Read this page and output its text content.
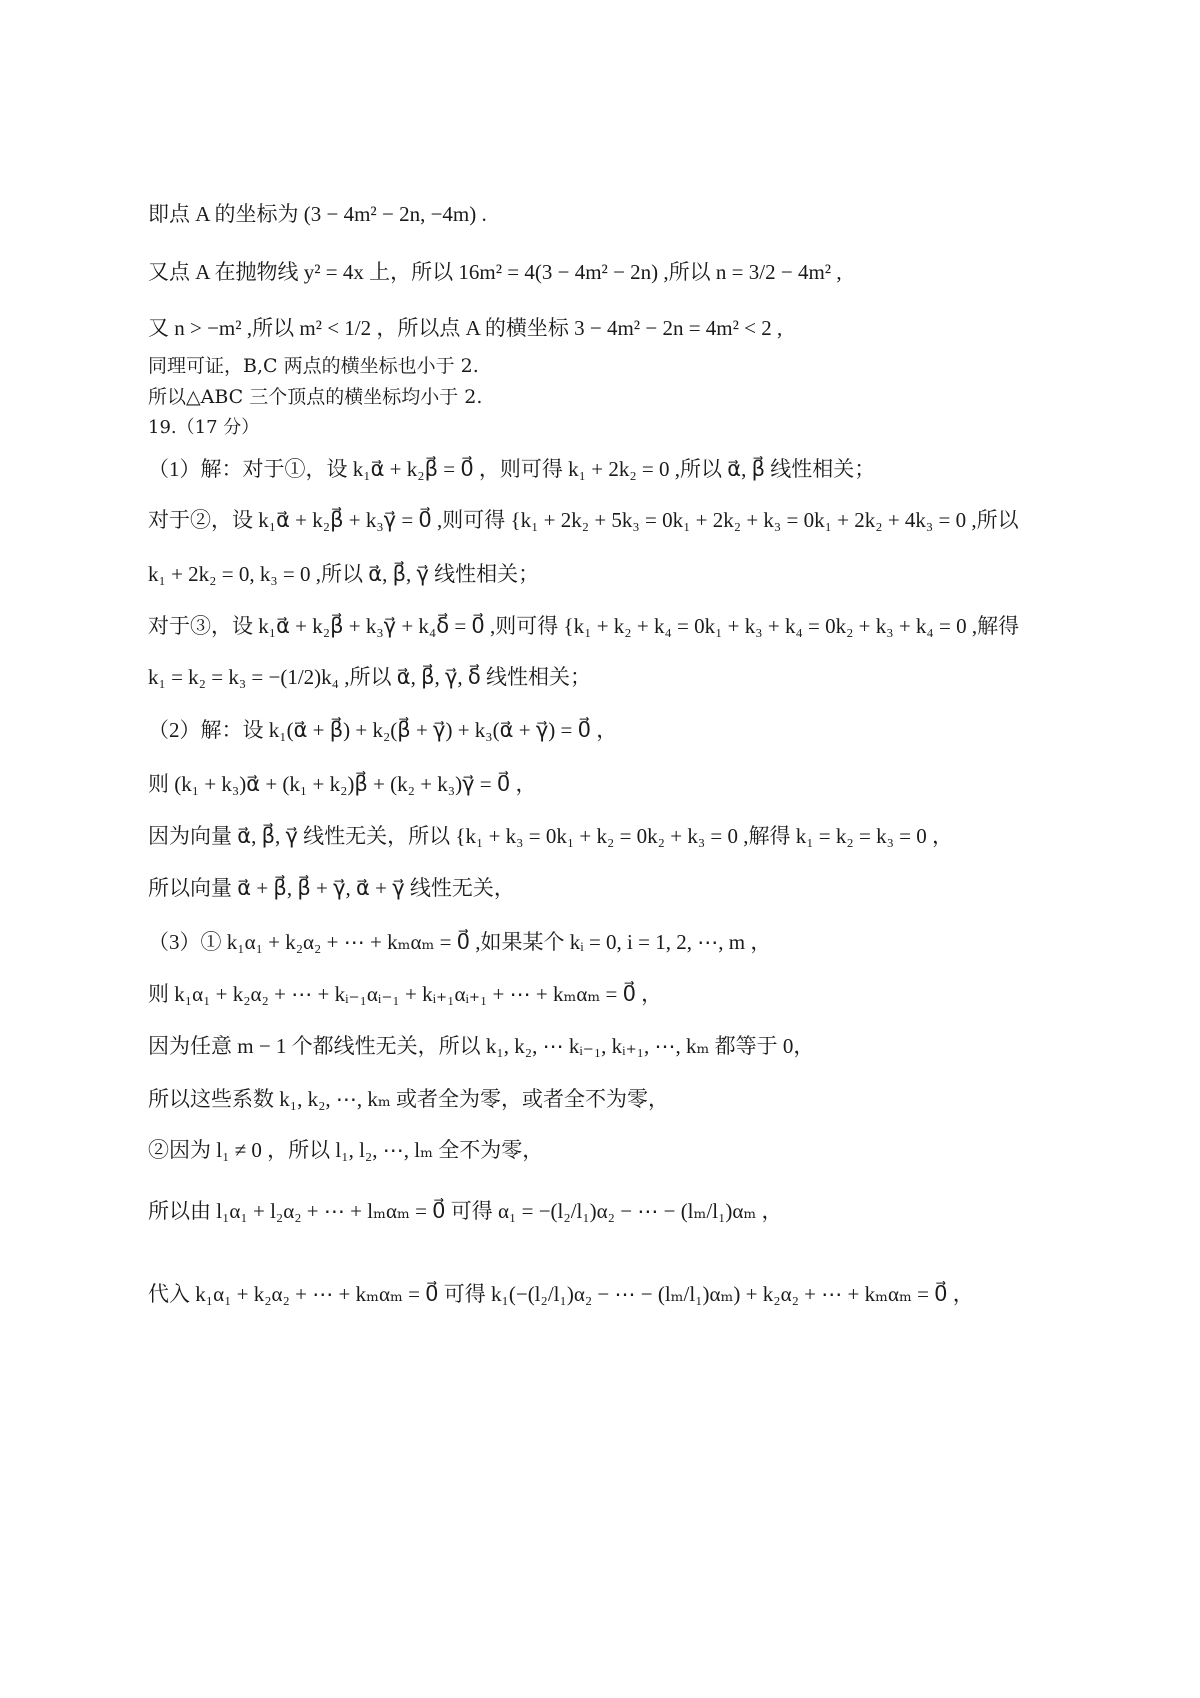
即点 A 的坐标为 (3 − 4m² − 2n, −4m) .
又点 A 在抛物线 y² = 4x 上，所以 16m² = 4(3 − 4m² − 2n) ,所以 n = 3/2 − 4m² ,
又 n > −m² ,所以 m² < 1/2 ，所以点 A 的横坐标 3 − 4m² − 2n = 4m² < 2 ,
同理可证，B,C 两点的横坐标也小于 2.
所以△ABC 三个顶点的横坐标均小于 2.
19.（17 分）
（1）解：对于①，设 k₁α⃗ + k₂β⃗ = 0⃗ ，则可得 k₁ + 2k₂ = 0 ,所以 α⃗, β⃗ 线性相关；
对于②，设 k₁α⃗ + k₂β⃗ + k₃γ⃗ = 0⃗ ,则可得 {k₁ + 2k₂ + 5k₃ = 0k₁ + 2k₂ + k₃ = 0k₁ + 2k₂ + 4k₃ = 0 ,所以
k₁ + 2k₂ = 0, k₃ = 0 ,所以 α⃗, β⃗, γ⃗ 线性相关；
对于③，设 k₁α⃗ + k₂β⃗ + k₃γ⃗ + k₄δ⃗ = 0⃗ ,则可得 {k₁ + k₂ + k₄ = 0k₁ + k₃ + k₄ = 0k₂ + k₃ + k₄ = 0 ,解得
k₁ = k₂ = k₃ = −(1/2)k₄ ,所以 α⃗, β⃗, γ⃗, δ⃗ 线性相关；
（2）解：设 k₁(α⃗ + β⃗) + k₂(β⃗ + γ⃗) + k₃(α⃗ + γ⃗) = 0⃗ ，
则 (k₁ + k₃)α⃗ + (k₁ + k₂)β⃗ + (k₂ + k₃)γ⃗ = 0⃗ ，
因为向量 α⃗, β⃗, γ⃗ 线性无关，所以 {k₁ + k₃ = 0k₁ + k₂ = 0k₂ + k₃ = 0 ,解得 k₁ = k₂ = k₃ = 0 ，
所以向量 α⃗ + β⃗, β⃗ + γ⃗, α⃗ + γ⃗ 线性无关，
（3）① k₁α₁ + k₂α₂ + ⋯ + kₘαₘ = 0⃗ ,如果某个 kᵢ = 0, i = 1, 2, ⋯, m ，
则 k₁α₁ + k₂α₂ + ⋯ + kᵢ₋₁αᵢ₋₁ + kᵢ₊₁αᵢ₊₁ + ⋯ + kₘαₘ = 0⃗ ，
因为任意 m − 1 个都线性无关，所以 k₁, k₂, ⋯ kᵢ₋₁, kᵢ₊₁, ⋯, kₘ 都等于 0，
所以这些系数 k₁, k₂, ⋯, kₘ 或者全为零，或者全不为零，
②因为 l₁ ≠ 0 ，所以 l₁, l₂, ⋯, lₘ 全不为零，
所以由 l₁α₁ + l₂α₂ + ⋯ + lₘαₘ = 0⃗ 可得 α₁ = −(l₂/l₁)α₂ − ⋯ − (lₘ/l₁)αₘ ，
代入 k₁α₁ + k₂α₂ + ⋯ + kₘαₘ = 0⃗ 可得 k₁(−(l₂/l₁)α₂ − ⋯ − (lₘ/l₁)αₘ) + k₂α₂ + ⋯ + kₘαₘ = 0⃗ ，
